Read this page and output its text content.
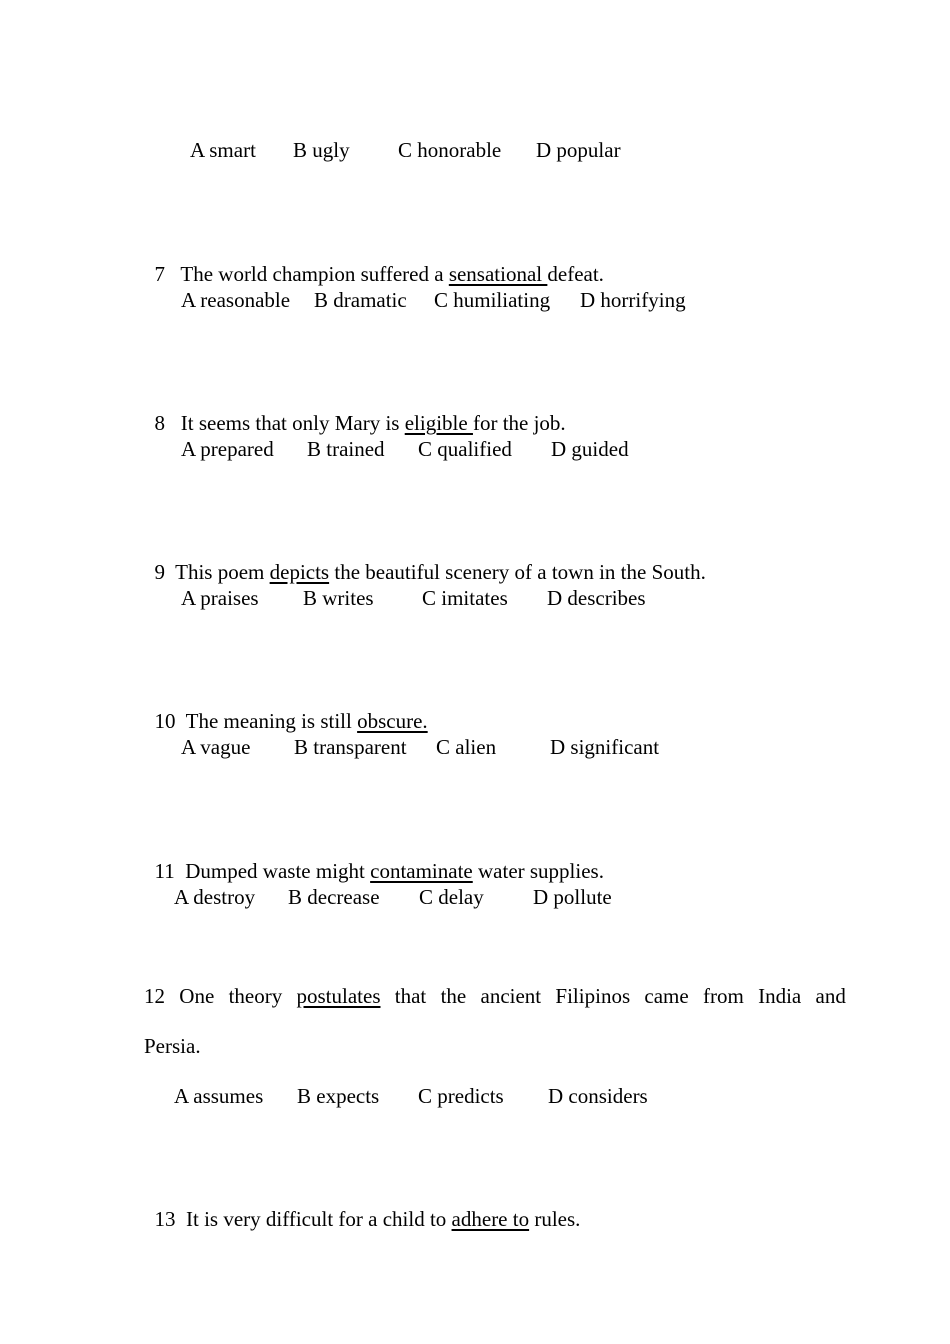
A smart B ugly C honorable D popular

7 The world champion suffered a sensational defeat.

A reasonable B dramatic C humiliating D horrifying

8 It seems that only Mary is eligible for the job.

A prepared B trained C qualified D guided

9 This poem depicts the beautiful scenery of a town in the South.

A praises B writes C imitates D describes

10 The meaning is still obscure.

A vague B transparent C alien	D significant

11 Dumped waste might contaminate water supplies.

A destroy B decrease C delay D pollute
12 One theory postulates that the ancient Filipinos came from India and
Persia.
A assumes B expects C predicts D considers

13 It is very difficult for a child to adhere to rules.
